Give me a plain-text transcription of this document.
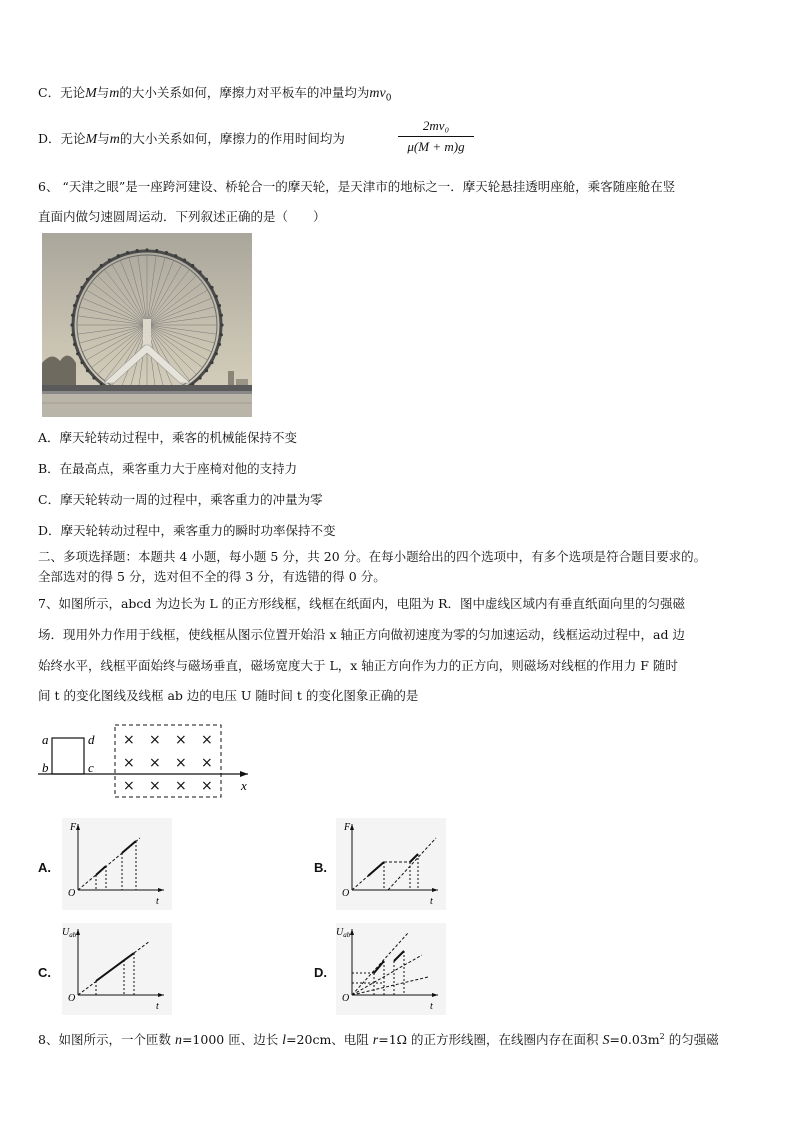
C．无论M与m的大小关系如何，摩擦力对平板车的冲量均为$mv_0$
D．无论M与m的大小关系如何，摩擦力的作用时间均为
2mv₀
μ(M + m)g
6、 “天津之眼”是一座跨河建设、桥轮合一的摩天轮，是天津市的地标之一．摩天轮悬挂透明座舱，乘客随座舱在竖
直面内做匀速圆周运动．下列叙述正确的是（　　）
A．摩天轮转动过程中，乘客的机械能保持不变
B．在最高点，乘客重力大于座椅对他的支持力
C．摩天轮转动一周的过程中，乘客重力的冲量为零
D．摩天轮转动过程中，乘客重力的瞬时功率保持不变
二、多项选择题：本题共 4 小题，每小题 5 分，共 20 分。在每小题给出的四个选项中，有多个选项是符合题目要求的。
全部选对的得 5 分，选对但不全的得 3 分，有选错的得 0 分。
7、如图所示，abcd 为边长为 L 的正方形线框，线框在纸面内，电阻为 R．图中虚线区域内有垂直纸面向里的匀强磁
场．现用外力作用于线框，使线框从图示位置开始沿 x 轴正方向做初速度为零的匀加速运动，线框运动过程中，ad 边
始终水平，线框平面始终与磁场垂直，磁场宽度大于 L，x 轴正方向作为力的正方向，则磁场对线框的作用力 F 随时
间 t 的变化图线及线框 ab 边的电压 U 随时间 t 的变化图象正确的是
a
b	c
d
x
× × × ×
× × × ×
× × × ×
A.	B.
C.	D.
F
t
O
F
t
O
$U_{ab}$
t
O
$U_{ab}$
t
O
8、如图所示，一个匝数 n=1000 匝、边长 l=20cm、电阻 r=1Ω 的正方形线圈，在线圈内存在面积 $S=0.03m^2$ 的匀强磁
